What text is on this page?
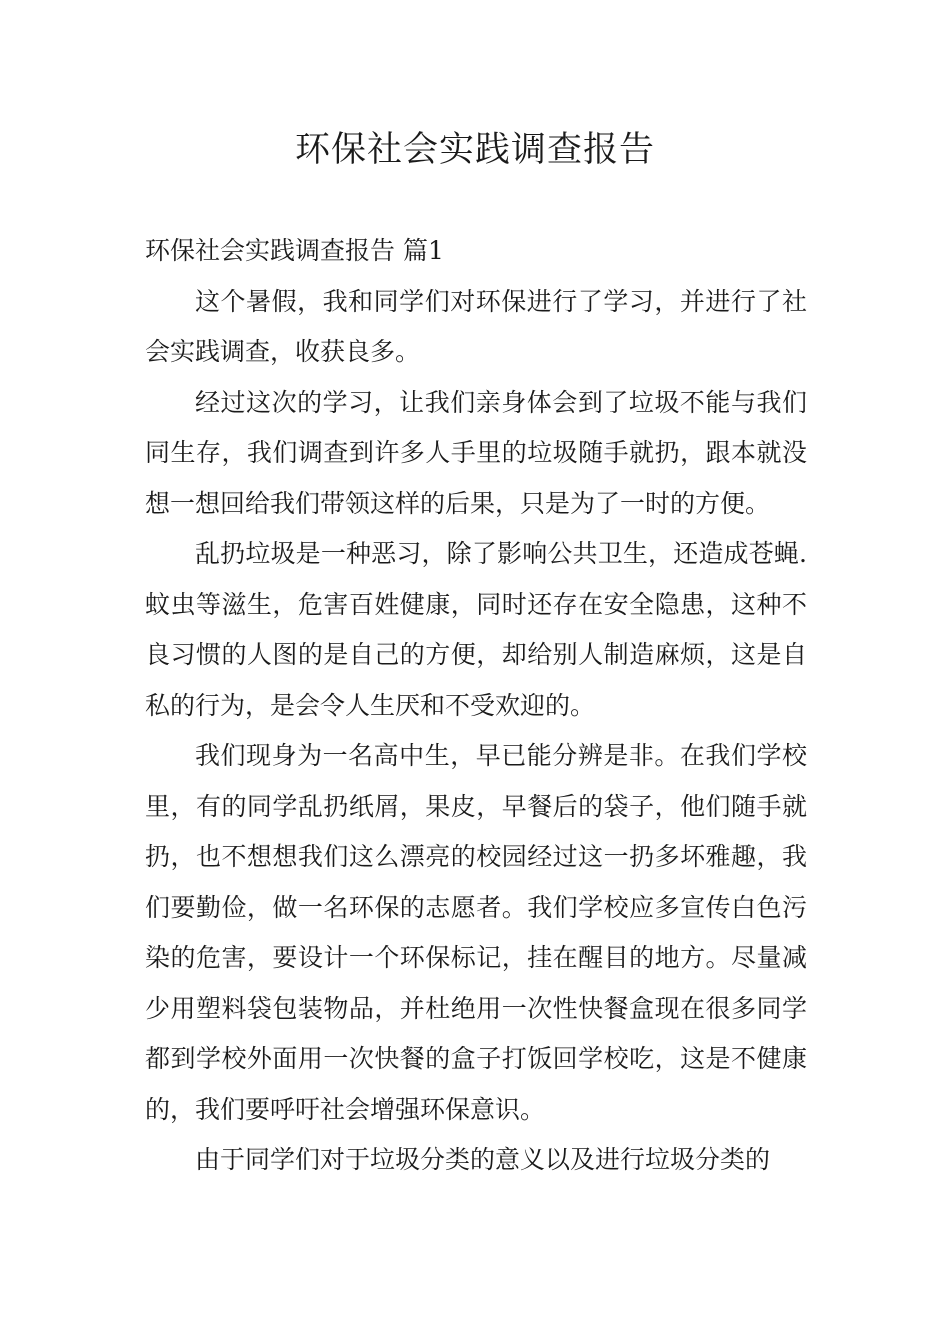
环保社会实践调查报告
环保社会实践调查报告 篇1

这个暑假，我和同学们对环保进行了学习，并进行了社会实践调查，收获良多。

经过这次的学习，让我们亲身体会到了垃圾不能与我们同生存，我们调查到许多人手里的垃圾随手就扔，跟本就没想一想回给我们带领这样的后果，只是为了一时的方便。

乱扔垃圾是一种恶习，除了影响公共卫生，还造成苍蝇.蚊虫等滋生，危害百姓健康，同时还存在安全隐患，这种不良习惯的人图的是自己的方便，却给别人制造麻烦，这是自私的行为，是会令人生厌和不受欢迎的。

我们现身为一名高中生，早已能分辨是非。在我们学校里，有的同学乱扔纸屑，果皮，早餐后的袋子，他们随手就扔，也不想想我们这么漂亮的校园经过这一扔多坏雅趣，我们要勤俭，做一名环保的志愿者。我们学校应多宣传白色污染的危害，要设计一个环保标记，挂在醒目的地方。尽量减少用塑料袋包装物品，并杜绝用一次性快餐盒现在很多同学都到学校外面用一次快餐的盒子打饭回学校吃，这是不健康的，我们要呼吁社会增强环保意识。

由于同学们对于垃圾分类的意义以及进行垃圾分类的
